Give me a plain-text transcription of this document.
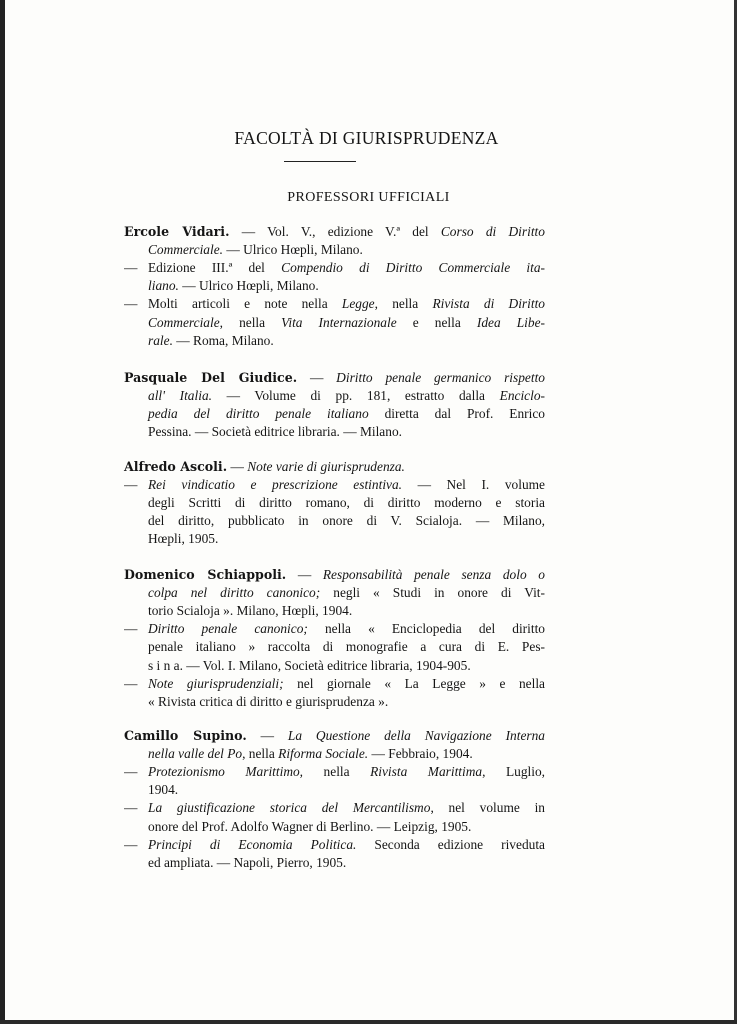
FACOLTÀ DI GIURISPRUDENZA
PROFESSORI UFFICIALI
Ercole Vidari. — Vol. V., edizione V.ª del Corso di Diritto
Commerciale. — Ulrico Hœpli, Milano.
— Edizione III.ª del Compendio di Diritto Commerciale ita-
liano. — Ulrico Hœpli, Milano.
— Molti articoli e note nella Legge, nella Rivista di Diritto
Commerciale, nella Vita Internazionale e nella Idea Libe-
rale. — Roma, Milano.
Pasquale Del Giudice. — Diritto penale germanico rispetto
all' Italia. — Volume di pp. 181, estratto dalla Enciclo-
pedia del diritto penale italiano diretta dal Prof. Enrico
Pessina. — Società editrice libraria. — Milano.
Alfredo Ascoli. — Note varie di giurisprudenza.
— Rei vindicatio e prescrizione estintiva. — Nel I. volume
degli Scritti di diritto romano, di diritto moderno e storia
del diritto, pubblicato in onore di V. Scialoja. — Milano,
Hœpli, 1905.
Domenico Schiappoli. — Responsabilità penale senza dolo o
colpa nel diritto canonico; negli « Studi in onore di Vit-
torio Scialoja ». Milano, Hœpli, 1904.
— Diritto penale canonico; nella « Enciclopedia del diritto
penale italiano » raccolta di monografie a cura di E. Pes-
s i n a. — Vol. I. Milano, Società editrice libraria, 1904-905.
— Note giurisprudenziali; nel giornale « La Legge » e nella
« Rivista critica di diritto e giurisprudenza ».
Camillo Supino. — La Questione della Navigazione Interna
nella valle del Po, nella Riforma Sociale. — Febbraio, 1904.
— Protezionismo Marittimo, nella Rivista Marittima, Luglio,
1904.
— La giustificazione storica del Mercantilismo, nel volume in
onore del Prof. Adolfo Wagner di Berlino. — Leipzig, 1905.
— Principi di Economia Politica. Seconda edizione riveduta
ed ampliata. — Napoli, Pierro, 1905.
